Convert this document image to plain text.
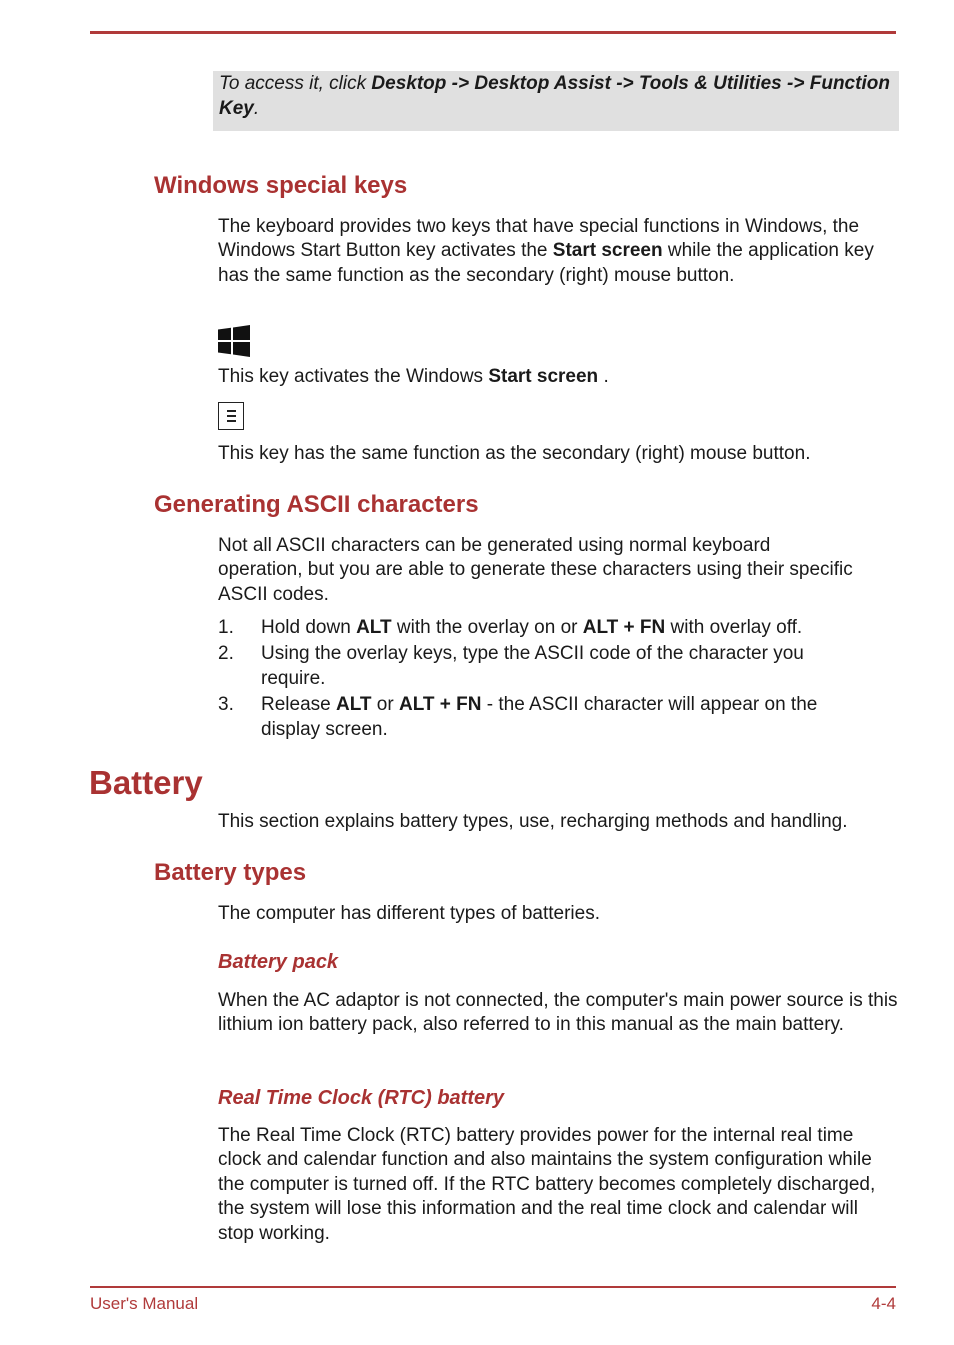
To access it, click Desktop -> Desktop Assist -> Tools & Utilities -> Function Key.
Windows special keys

The keyboard provides two keys that have special functions in Windows, the Windows Start Button key activates the Start screen while the application key has the same function as the secondary (right) mouse button.

This key activates the Windows Start screen .

This key has the same function as the secondary (right) mouse button.

Generating ASCII characters

Not all ASCII characters can be generated using normal keyboard operation, but you are able to generate these characters using their specific ASCII codes.

1. Hold down ALT with the overlay on or ALT + FN with overlay off.
2. Using the overlay keys, type the ASCII code of the character you require.
3. Release ALT or ALT + FN - the ASCII character will appear on the display screen.
Battery

This section explains battery types, use, recharging methods and handling.

Battery types

The computer has different types of batteries.

Battery pack

When the AC adaptor is not connected, the computer's main power source is this lithium ion battery pack, also referred to in this manual as the main battery.

Real Time Clock (RTC) battery

The Real Time Clock (RTC) battery provides power for the internal real time clock and calendar function and also maintains the system configuration while the computer is turned off. If the RTC battery becomes completely discharged, the system will lose this information and the real time clock and calendar will stop working.

User's Manual	4-4
